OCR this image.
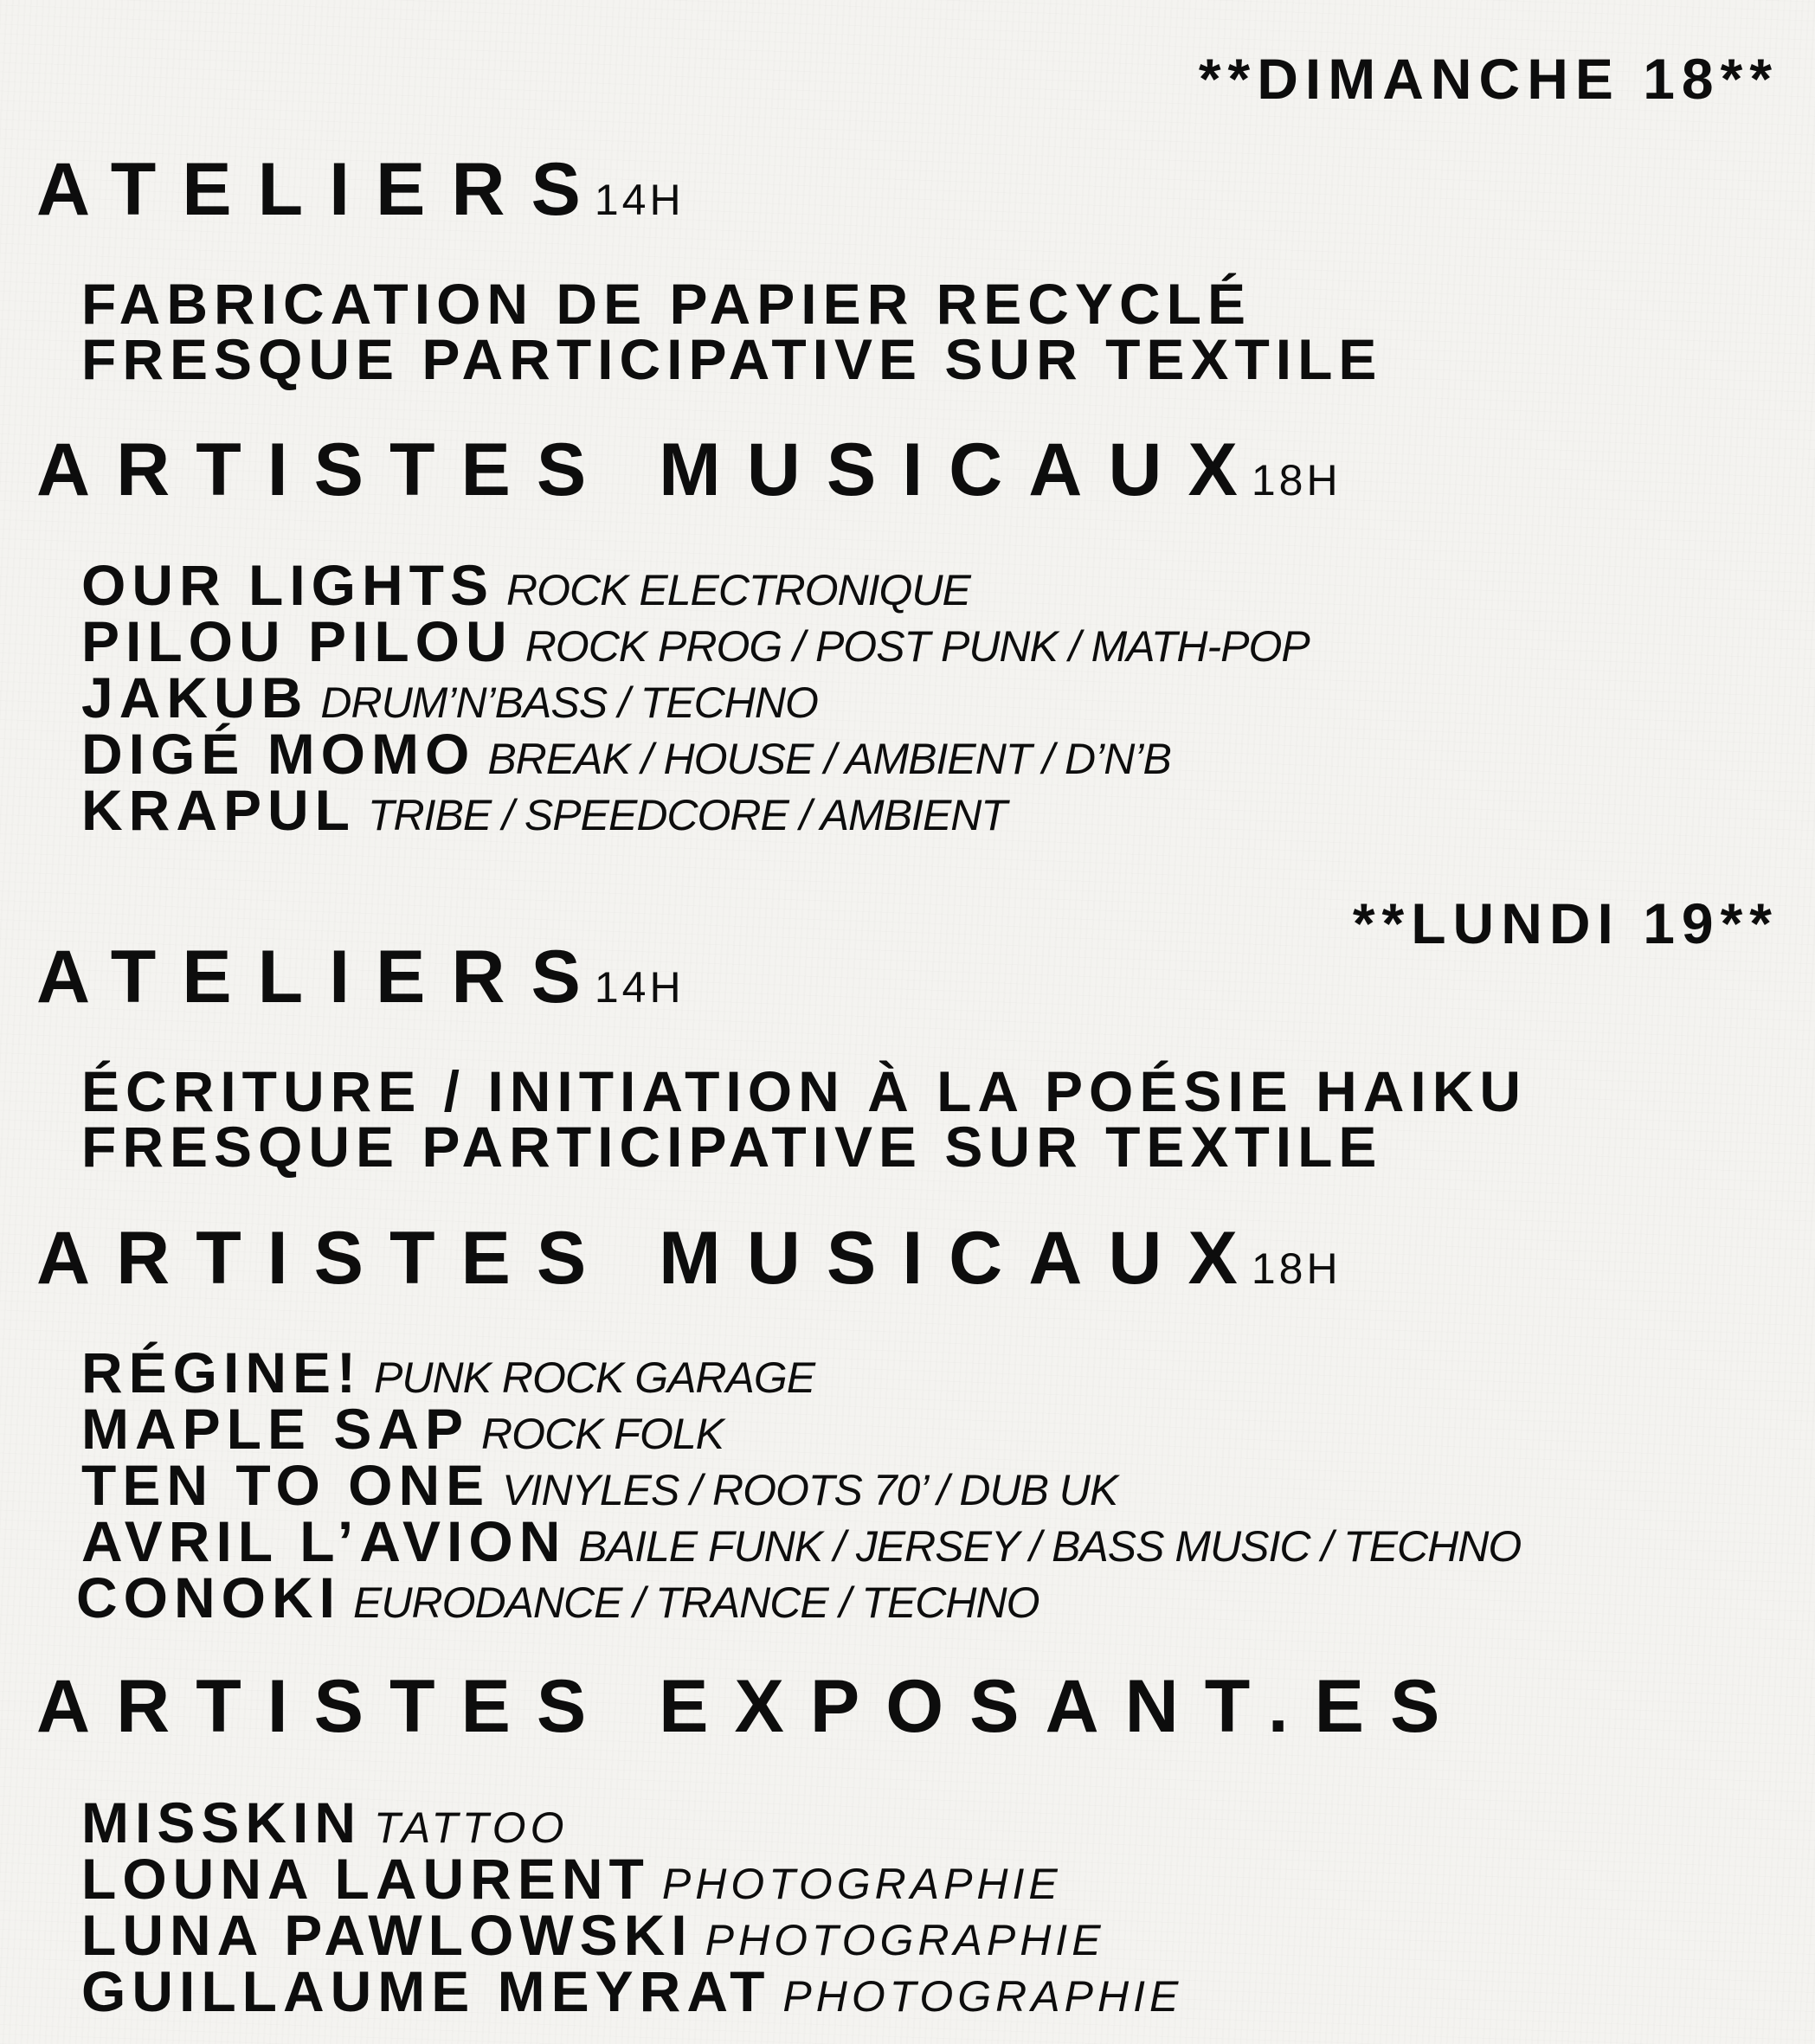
**DIMANCHE 18**
ATELIERS14H
FABRICATION DE PAPIER RECYCLÉ
FRESQUE PARTICIPATIVE SUR TEXTILE
ARTISTES MUSICAUX18H
OUR LIGHTS ROCK ELECTRONIQUE
PILOU PILOU ROCK PROG / POST PUNK / MATH-POP
JAKUB DRUM’N’BASS / TECHNO
DIGÉ MOMO BREAK / HOUSE / AMBIENT / D’N’B
KRAPUL TRIBE / SPEEDCORE / AMBIENT
**LUNDI 19**
ATELIERS14H
ÉCRITURE / INITIATION À LA POÉSIE HAIKU
FRESQUE PARTICIPATIVE SUR TEXTILE
ARTISTES MUSICAUX18H
RÉGINE! PUNK ROCK GARAGE
MAPLE SAP ROCK FOLK
TEN TO ONE VINYLES / ROOTS 70’ / DUB UK
AVRIL L’AVION BAILE FUNK / JERSEY / BASS MUSIC / TECHNO
CONOKI EURODANCE / TRANCE / TECHNO
ARTISTES EXPOSANT.ES
MISSKIN TATTOO
LOUNA LAURENT PHOTOGRAPHIE
LUNA PAWLOWSKI PHOTOGRAPHIE
GUILLAUME MEYRAT PHOTOGRAPHIE
